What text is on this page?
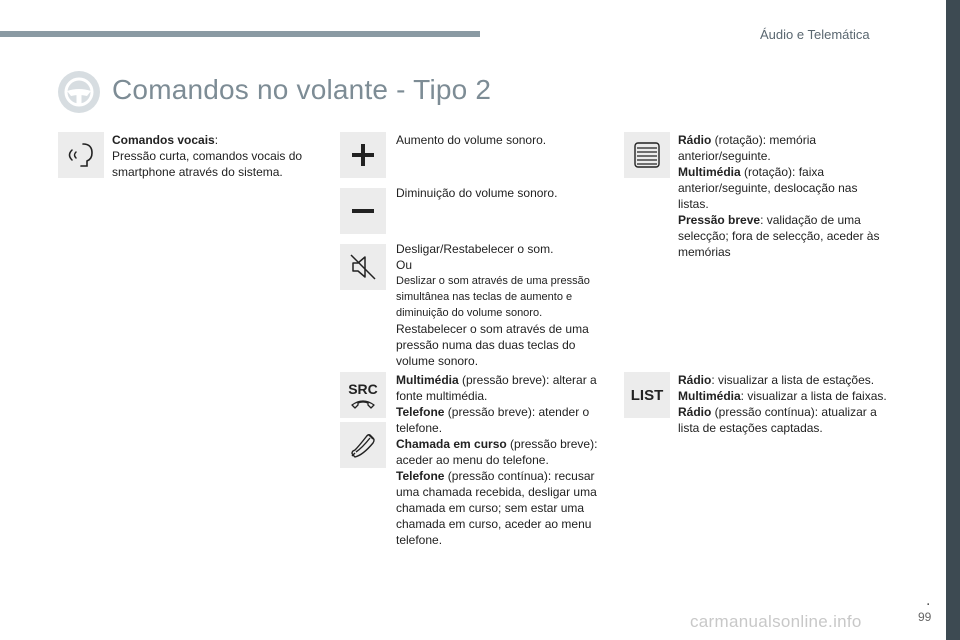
Áudio e Telemática
Comandos no volante - Tipo 2

Comandos vocais:

Pressão curta, comandos vocais do smartphone através do sistema.

Aumento do volume sonoro.

Diminuição do volume sonoro.

Desligar/Restabelecer o som.

Ou

Deslizar o som através de uma pressão simultânea nas teclas de aumento e diminuição do volume sonoro.

Restabelecer o som através de uma pressão numa das duas teclas do volume sonoro.

SRC

Multimédia (pressão breve): alterar a fonte multimédia.

Telefone (pressão breve): atender o telefone.

Chamada em curso (pressão breve): aceder ao menu do telefone.

Telefone (pressão contínua): recusar uma chamada recebida, desligar uma chamada em curso; sem estar uma chamada em curso, aceder ao menu telefone.

Rádio (rotação): memória anterior/seguinte.

Multimédia (rotação): faixa anterior/seguinte, deslocação nas listas.

Pressão breve: validação de uma selecção; fora de selecção, aceder às memórias

LIST

Rádio: visualizar a lista de estações.

Multimédia: visualizar a lista de faixas.

Rádio (pressão contínua): atualizar a lista de estações captadas.

carmanualsonline.info
.
99
